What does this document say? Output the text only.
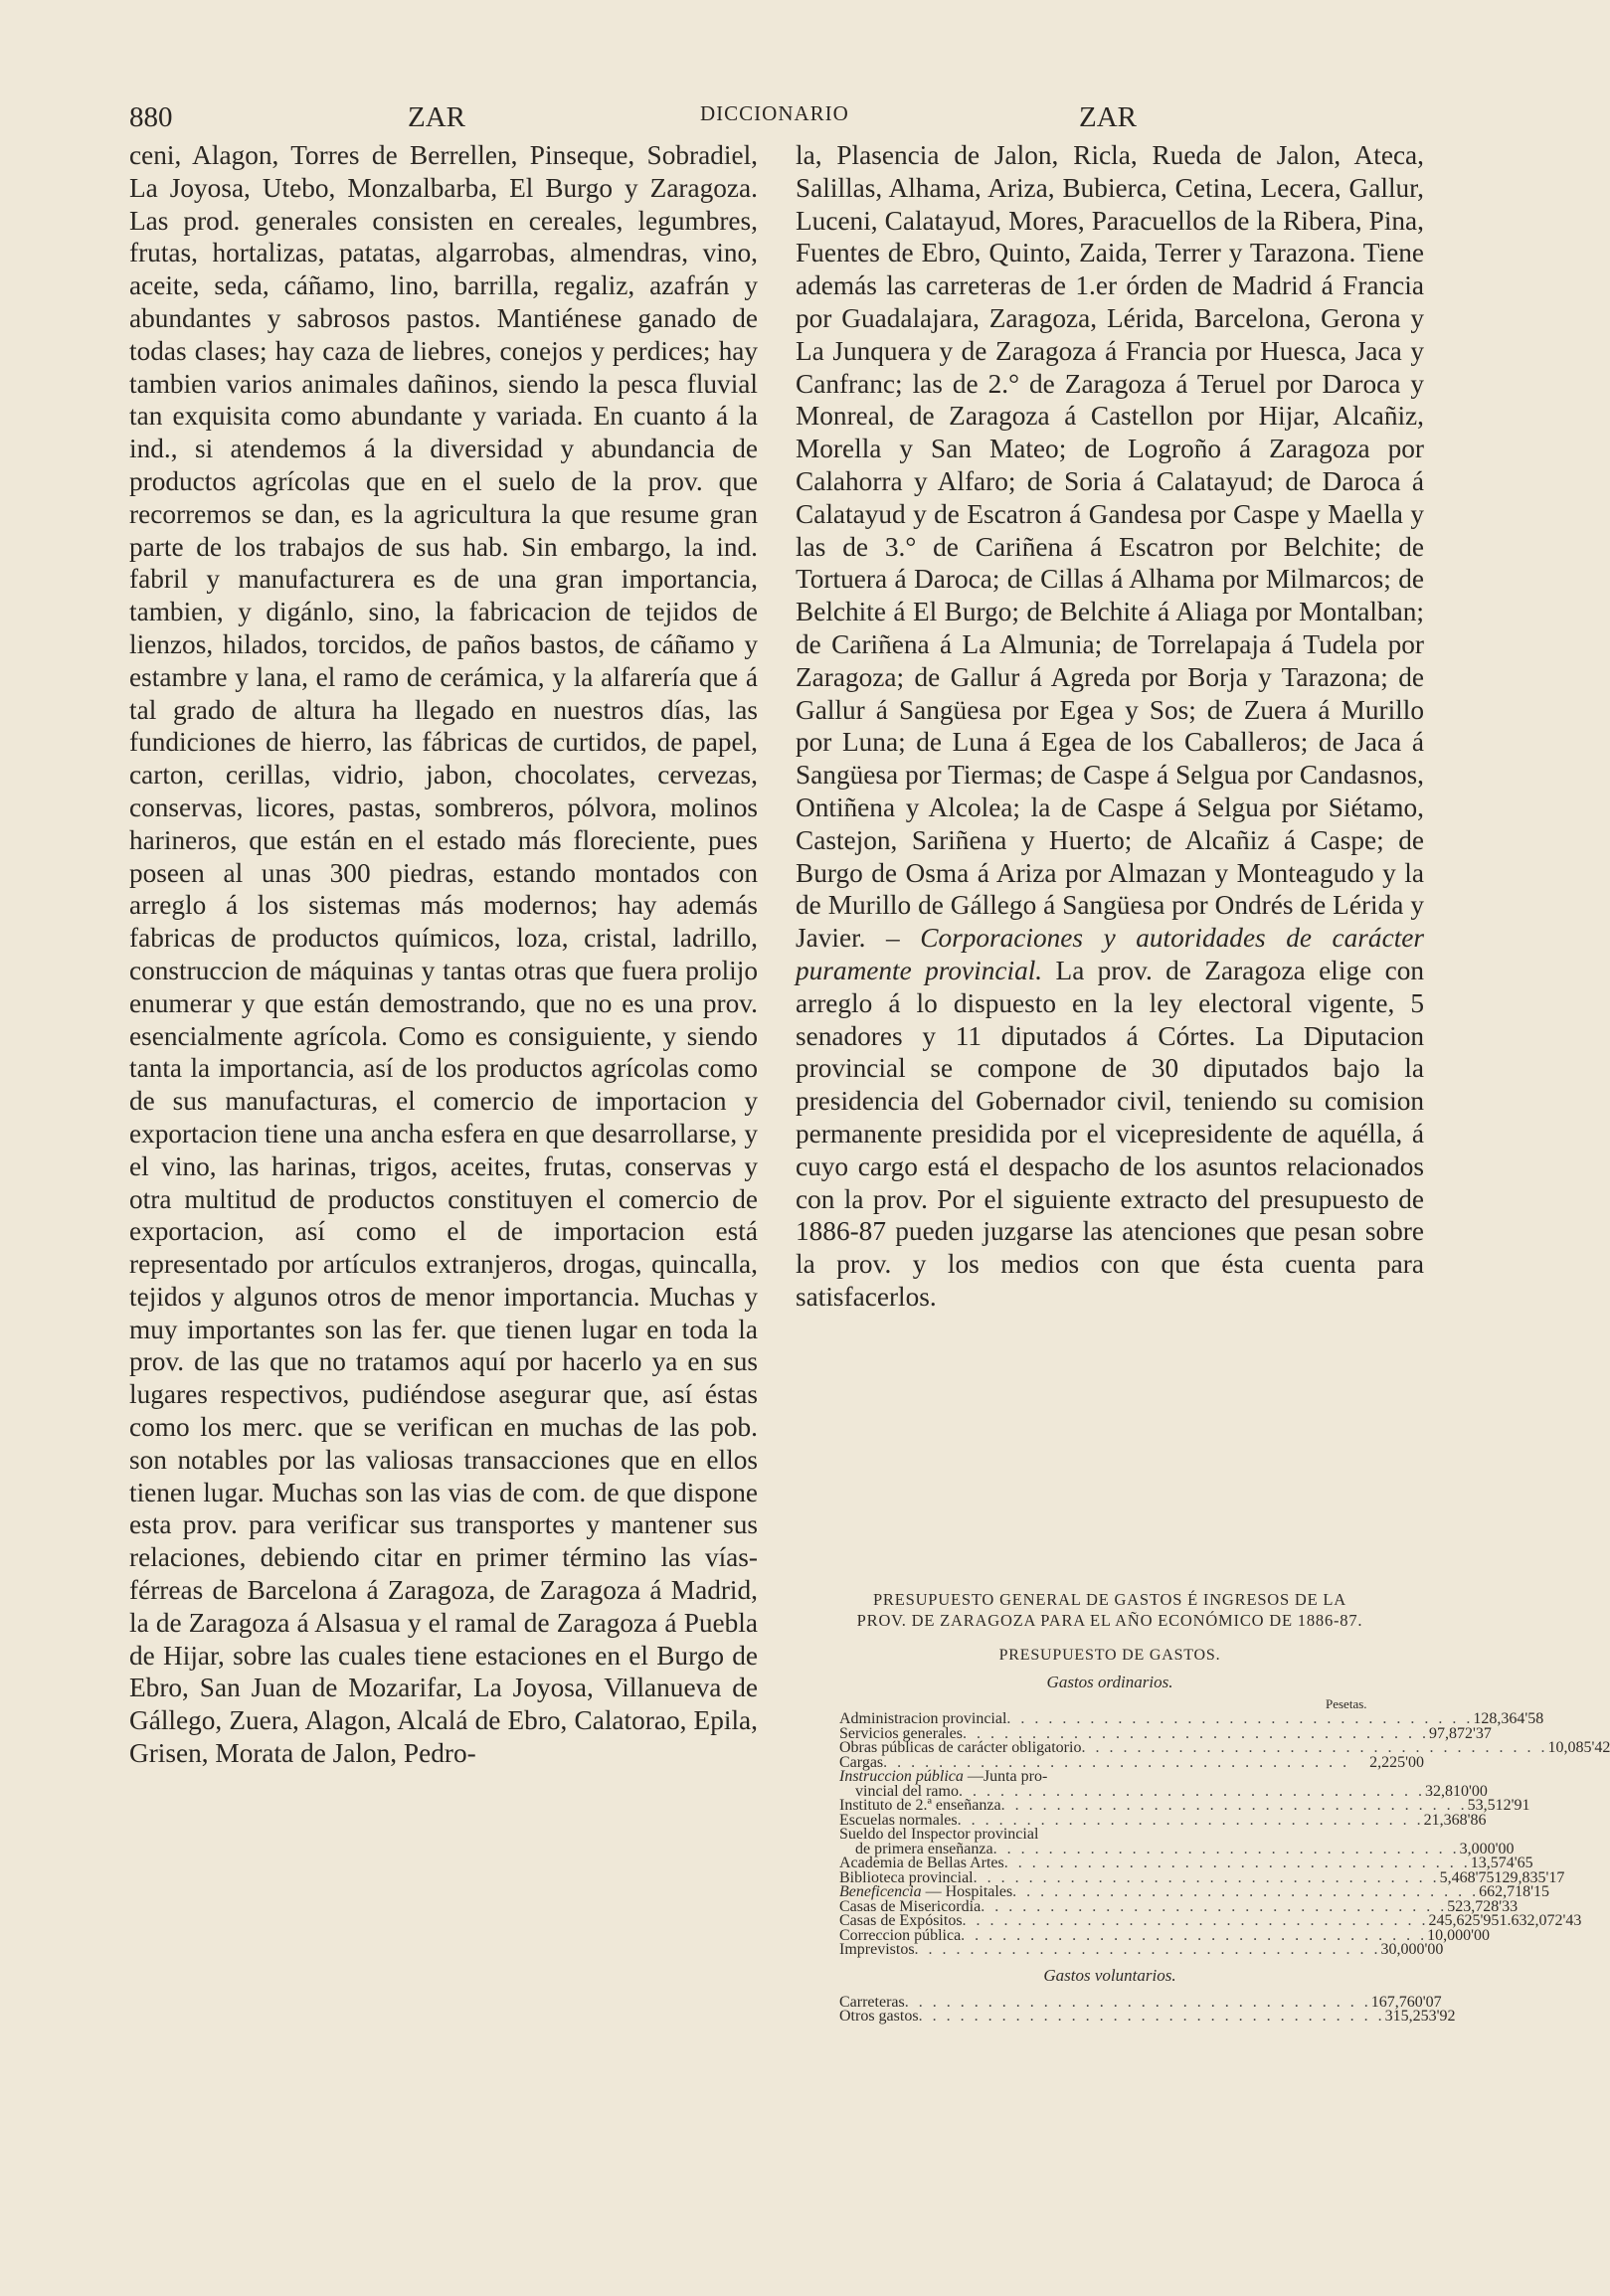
880	ZAR	DICCIONARIO	ZAR

ceni, Alagon, Torres de Berrellen, Pinseque, Sobradiel, La Joyosa, Utebo, Monzalbarba, El Burgo y Zaragoza. Las prod. generales consisten en cereales, legumbres, frutas, hortalizas, patatas, algarrobas, almendras, vino, aceite, seda, cáñamo, lino, barrilla, regaliz, azafrán y abundantes y sabrosos pastos. Mantiénese ganado de todas clases; hay caza de liebres, conejos y perdices; hay tambien varios animales dañinos, siendo la pesca fluvial tan exquisita como abundante y variada. En cuanto á la ind., si atendemos á la diversidad y abundancia de productos agrícolas que en el suelo de la prov. que recorremos se dan, es la agricultura la que resume gran parte de los trabajos de sus hab. Sin embargo, la ind. fabril y manufacturera es de una gran importancia, tambien, y digánlo, sino, la fabricacion de tejidos de lienzos, hilados, torcidos, de paños bastos, de cáñamo y estambre y lana, el ramo de cerámica, y la alfarería que á tal grado de altura ha llegado en nuestros días, las fundiciones de hierro, las fábricas de curtidos, de papel, carton, cerillas, vidrio, jabon, chocolates, cervezas, conservas, licores, pastas, sombreros, pólvora, molinos harineros, que están en el estado más floreciente, pues poseen al unas 300 piedras, estando montados con arreglo á los sistemas más modernos; hay además fabricas de productos químicos, loza, cristal, ladrillo, construccion de máquinas y tantas otras que fuera prolijo enumerar y que están demostrando, que no es una prov. esencialmente agrícola. Como es consiguiente, y siendo tanta la importancia, así de los productos agrícolas como de sus manufacturas, el comercio de importacion y exportacion tiene una ancha esfera en que desarrollarse, y el vino, las harinas, trigos, aceites, frutas, conservas y otra multitud de productos constituyen el comercio de exportacion, así como el de importacion está representado por artículos extranjeros, drogas, quincalla, tejidos y algunos otros de menor importancia. Muchas y muy importantes son las fer. que tienen lugar en toda la prov. de las que no tratamos aquí por hacerlo ya en sus lugares respectivos, pudiéndose asegurar que, así éstas como los merc. que se verifican en muchas de las pob. son notables por las valiosas transacciones que en ellos tienen lugar. Muchas son las vias de com. de que dispone esta prov. para verificar sus transportes y mantener sus relaciones, debiendo citar en primer término las vías-férreas de Barcelona á Zaragoza, de Zaragoza á Madrid, la de Zaragoza á Alsasua y el ramal de Zaragoza á Puebla de Hijar, sobre las cuales tiene estaciones en el Burgo de Ebro, San Juan de Mozarifar, La Joyosa, Villanueva de Gállego, Zuera, Alagon, Alcalá de Ebro, Calatorao, Epila, Grisen, Morata de Jalon, Pedro-

la, Plasencia de Jalon, Ricla, Rueda de Jalon, Ateca, Salillas, Alhama, Ariza, Bubierca, Cetina, Lecera, Gallur, Luceni, Calatayud, Mores, Paracuellos de la Ribera, Pina, Fuentes de Ebro, Quinto, Zaida, Terrer y Tarazona. Tiene además las carreteras de 1.er órden de Madrid á Francia por Guadalajara, Zaragoza, Lérida, Barcelona, Gerona y La Junquera y de Zaragoza á Francia por Huesca, Jaca y Canfranc; las de 2.° de Zaragoza á Teruel por Daroca y Monreal, de Zaragoza á Castellon por Hijar, Alcañiz, Morella y San Mateo; de Logroño á Zaragoza por Calahorra y Alfaro; de Soria á Calatayud; de Daroca á Calatayud y de Escatron á Gandesa por Caspe y Maella y las de 3.° de Cariñena á Escatron por Belchite; de Tortuera á Daroca; de Cillas á Alhama por Milmarcos; de Belchite á El Burgo; de Belchite á Aliaga por Montalban; de Cariñena á La Almunia; de Torrelapaja á Tudela por Zaragoza; de Gallur á Agreda por Borja y Tarazona; de Gallur á Sangüesa por Egea y Sos; de Zuera á Murillo por Luna; de Luna á Egea de los Caballeros; de Jaca á Sangüesa por Tiermas; de Caspe á Selgua por Candasnos, Ontiñena y Alcolea; la de Caspe á Selgua por Siétamo, Castejon, Sariñena y Huerto; de Alcañiz á Caspe; de Burgo de Osma á Ariza por Almazan y Monteagudo y la de Murillo de Gállego á Sangüesa por Ondrés de Lérida y Javier. – Corporaciones y autoridades de carácter puramente provincial. La prov. de Zaragoza elige con arreglo á lo dispuesto en la ley electoral vigente, 5 senadores y 11 diputados á Córtes. La Diputacion provincial se compone de 30 diputados bajo la presidencia del Gobernador civil, teniendo su comision permanente presidida por el vicepresidente de aquélla, á cuyo cargo está el despacho de los asuntos relacionados con la prov. Por el siguiente extracto del presupuesto de 1886-87 pueden juzgarse las atenciones que pesan sobre la prov. y los medios con que ésta cuenta para satisfacerlos.

PRESUPUESTO GENERAL DE GASTOS É INGRESOS DE LA
PROV. DE ZARAGOZA PARA EL AÑO ECONÓMICO DE 1886-87.
PRESUPUESTO DE GASTOS.
Gastos ordinarios.
Pesetas.
Administracion provincial . . . . . . . . . . . . . . . . . . . . . . . . . . . . . . . . . . 128,364'58
Servicios generales . . . . . . . . . . . . . . . . . . . . . . . . . . . . . . . . . . 97,872'37
Obras públicas de carácter obligatorio . . . . . . . . . . . . . . . . . . . . . . . . . . . . . . . . . . 10,085'42
Cargas . . . . . . . . . . . . . . . . . . . . . . . . . . . . . . . . . . 2,225'00
Instruccion pública —Junta pro-
vincial del ramo . . . . . . . . . . . . . . . . . . . . . . . . . . . . . . . . . . 32,810'00
Instituto de 2.ª enseñanza . . . . . . . . . . . . . . . . . . . . . . . . . . . . . . . . . . 53,512'91
Escuelas normales . . . . . . . . . . . . . . . . . . . . . . . . . . . . . . . . . . 21,368'86
Sueldo del Inspector provincial
de primera enseñanza . . . . . . . . . . . . . . . . . . . . . . . . . . . . . . . . . . 3,000'00
Academia de Bellas Artes . . . . . . . . . . . . . . . . . . . . . . . . . . . . . . . . . . 13,574'65
Biblioteca provincial . . . . . . . . . . . . . . . . . . . . . . . . . . . . . . . . . . 5,468'75 129,835'17
Beneficencia — Hospitales . . . . . . . . . . . . . . . . . . . . . . . . . . . . . . . . . . 662,718'15
Casas de Misericordia . . . . . . . . . . . . . . . . . . . . . . . . . . . . . . . . . . 523,728'33
Casas de Expósitos . . . . . . . . . . . . . . . . . . . . . . . . . . . . . . . . . . 245,625'95 1.632,072'43
Correccion pública . . . . . . . . . . . . . . . . . . . . . . . . . . . . . . . . . . 10,000'00
Imprevistos . . . . . . . . . . . . . . . . . . . . . . . . . . . . . . . . . . 30,000'00
Gastos voluntarios.
Carreteras . . . . . . . . . . . . . . . . . . . . . . . . . . . . . . . . . . 167,760'07
Otros gastos . . . . . . . . . . . . . . . . . . . . . . . . . . . . . . . . . . 315,253'92
